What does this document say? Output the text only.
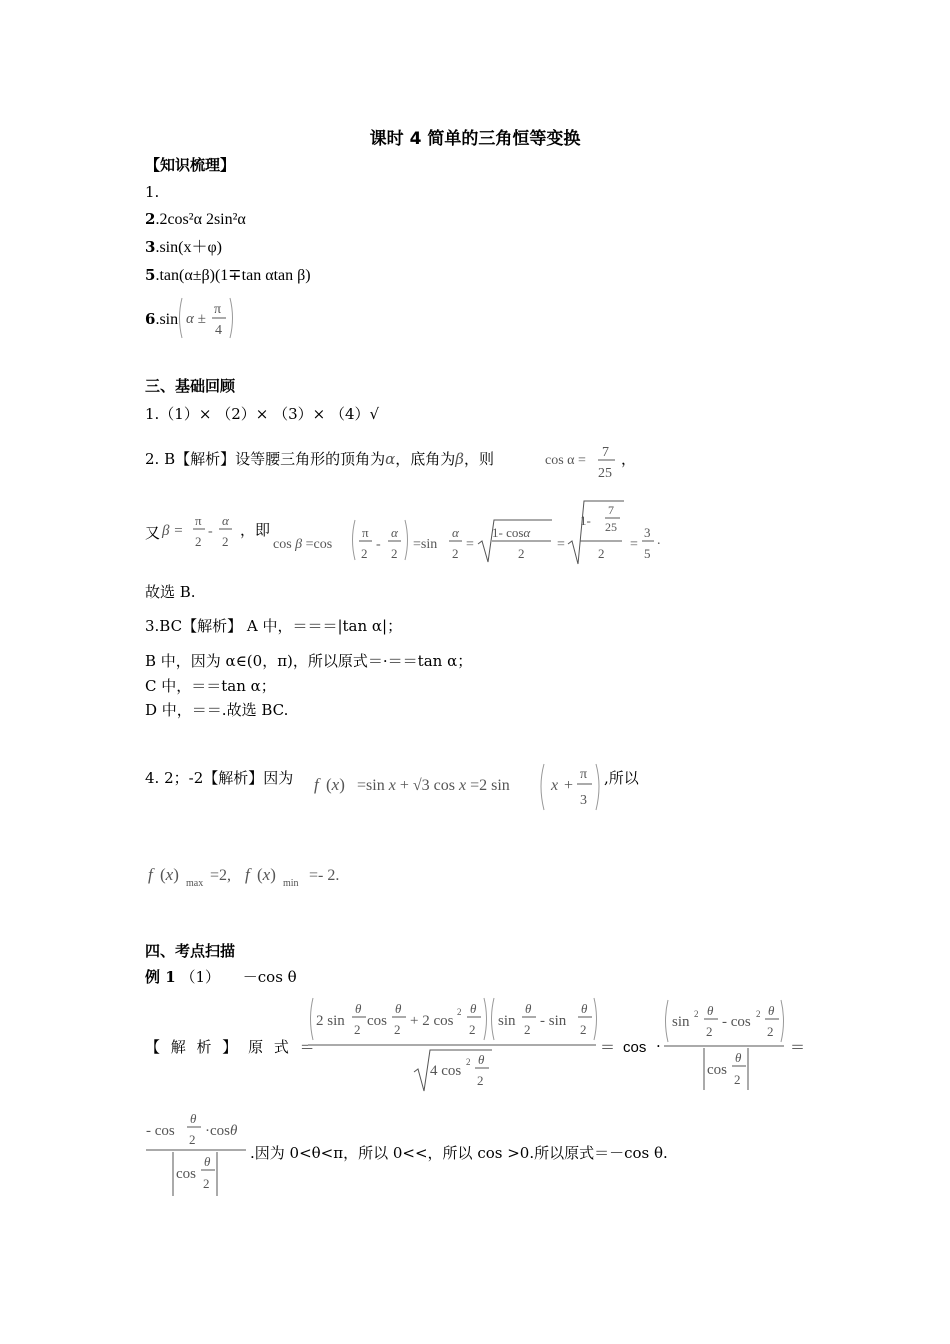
课时 4 简单的三角恒等变换
【知识梳理】
1.
2.2cos²α 2sin²α
3.sin(x＋φ)
5.tan(α±β)(1∓tan αtan β)
6.sin α ±
π
4
三、基础回顾
1.（1）× （2）× （3）× （4）√
2. B【解析】设等腰三角形的顶角为α，底角为β，则	cos α =
7
25
，
又 β =
π
2
-
α
2
，即
cos β =cos
π
2
-
α
2
=sin
α
2
=
1- cosα
2
=
1-
7
25
2
=
3
5
.
故选 B.
3.BC【解析】 A 中，＝＝＝|tan α|；
B 中，因为 α∈(0，π)，所以原式＝·＝＝tan α；
C 中，＝＝tan α；
D 中，＝＝.故选 BC.
4. 2；-2【解析】因为 f (x) =sin x + √3 cos x =2 sin	x +
π
3
,所以
f (x) max =2, f (x) min =- 2.
四、考点扫描
例 1 （1） －cos θ
【 解 析 】 原 式 ＝
2 sin
θ
2
cos
θ
2
+ 2 cos
2 θ
2
sin
θ
2
- sin
θ
2
4 cos
2 θ
2
＝ cos ·
sin 2 θ
2
- cos 2 θ
2
cos
θ
2
＝
- cos
θ
2
·cosθ
cos
θ
2
.因为 0<θ<π，所以 0<<，所以 cos >0.所以原式＝－cos θ.
